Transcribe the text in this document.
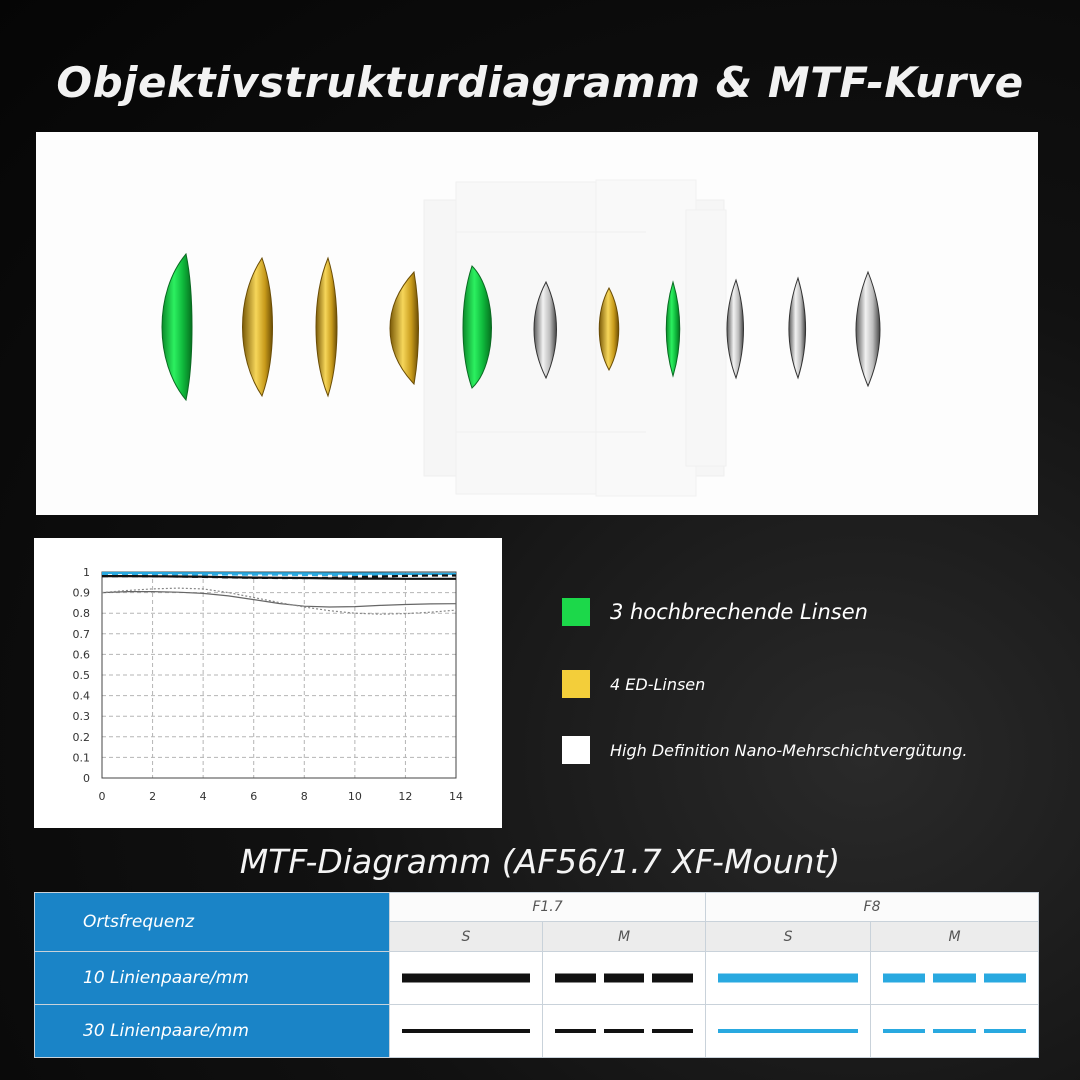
Objektivstrukturdiagramm & MTF-Kurve
0
0.1
0.2
0.3
0.4
0.5
0.6
0.7
0.8
0.9
1
0	2	4	6	8	10	12	14
3 hochbrechende Linsen
4 ED-Linsen
High Definition Nano-Mehrschichtvergütung.
MTF-Diagramm (AF56/1.7 XF-Mount)
Ortsfrequenz	F1.7		F8	
	S	M	S	M
10 Linienpaare/mm	

30 Linienpaare/mm	
